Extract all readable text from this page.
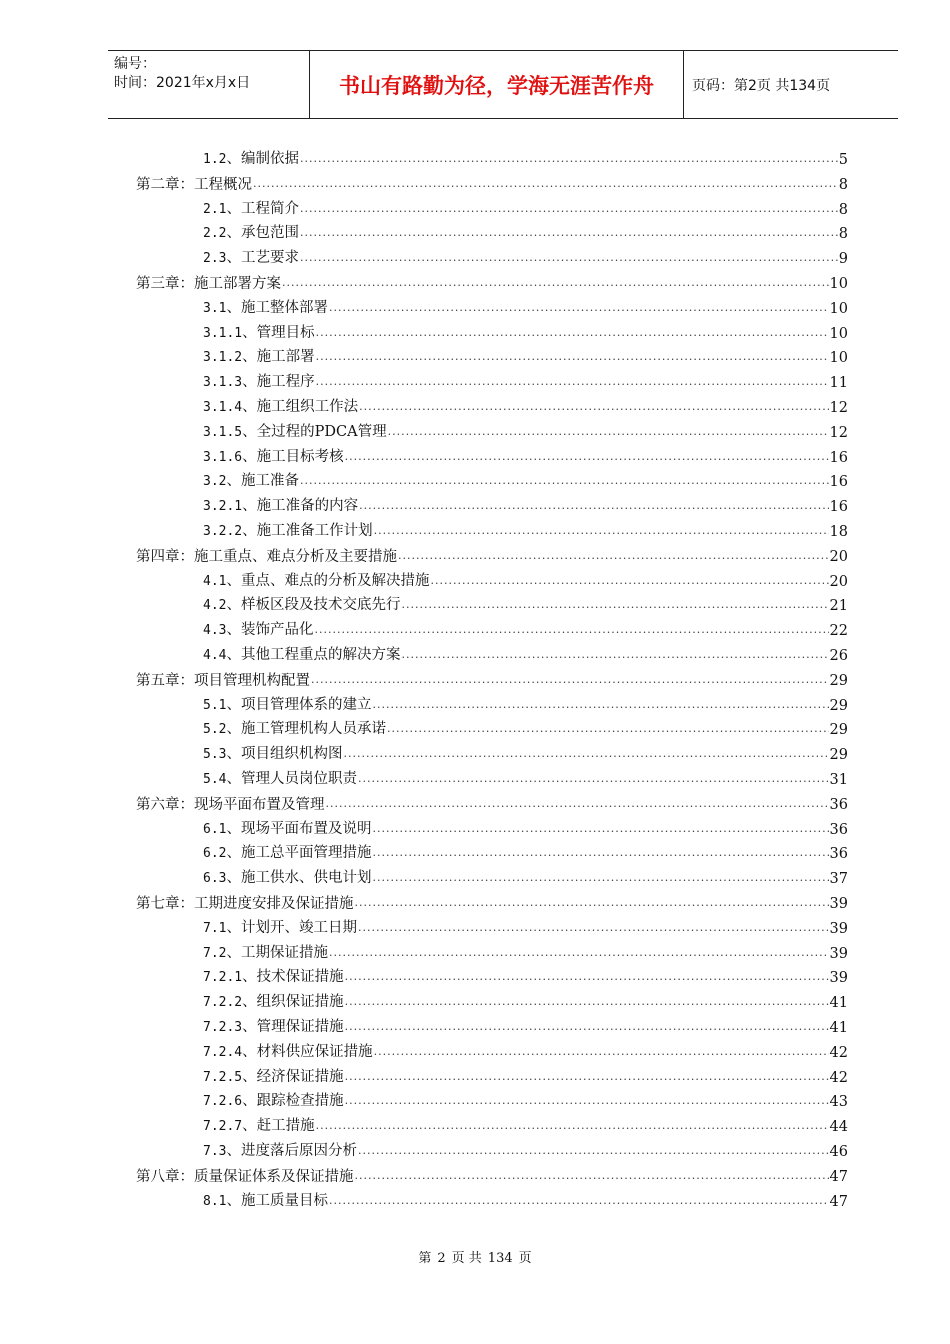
编号：
时间：2021年x月x日	书山有路勤为径，学海无涯苦作舟	页码：第2页 共134页
1.2、编制依据 .....	5
第二章：工程概况 .....	8
2.1、工程简介 .....	8
2.2、承包范围 .....	8
2.3、工艺要求 .....	9
第三章：施工部署方案 .....	10
3.1、施工整体部署 .....	10
3.1.1、管理目标 .....	10
3.1.2、施工部署 .....	10
3.1.3、施工程序 .....	11
3.1.4、施工组织工作法 .....	12
3.1.5、全过程的PDCA管理 .....	12
3.1.6、施工目标考核 .....	16
3.2、施工准备 .....	16
3.2.1、施工准备的内容 .....	16
3.2.2、施工准备工作计划 .....	18
第四章：施工重点、难点分析及主要措施 .....	20
4.1、重点、难点的分析及解决措施 .....	20
4.2、样板区段及技术交底先行 .....	21
4.3、装饰产品化 .....	22
4.4、其他工程重点的解决方案 .....	26
第五章：项目管理机构配置 .....	29
5.1、项目管理体系的建立 .....	29
5.2、施工管理机构人员承诺 .....	29
5.3、项目组织机构图 .....	29
5.4、管理人员岗位职责 .....	31
第六章：现场平面布置及管理 .....	36
6.1、现场平面布置及说明 .....	36
6.2、施工总平面管理措施 .....	36
6.3、施工供水、供电计划 .....	37
第七章：工期进度安排及保证措施 .....	39
7.1、计划开、竣工日期 .....	39
7.2、工期保证措施 .....	39
7.2.1、技术保证措施 .....	39
7.2.2、组织保证措施 .....	41
7.2.3、管理保证措施 .....	41
7.2.4、材料供应保证措施 .....	42
7.2.5、经济保证措施 .....	42
7.2.6、跟踪检查措施 .....	43
7.2.7、赶工措施 .....	44
7.3、进度落后原因分析 .....	46
第八章：质量保证体系及保证措施 .....	47
8.1、施工质量目标 .....	47
第 2 页 共 134 页
